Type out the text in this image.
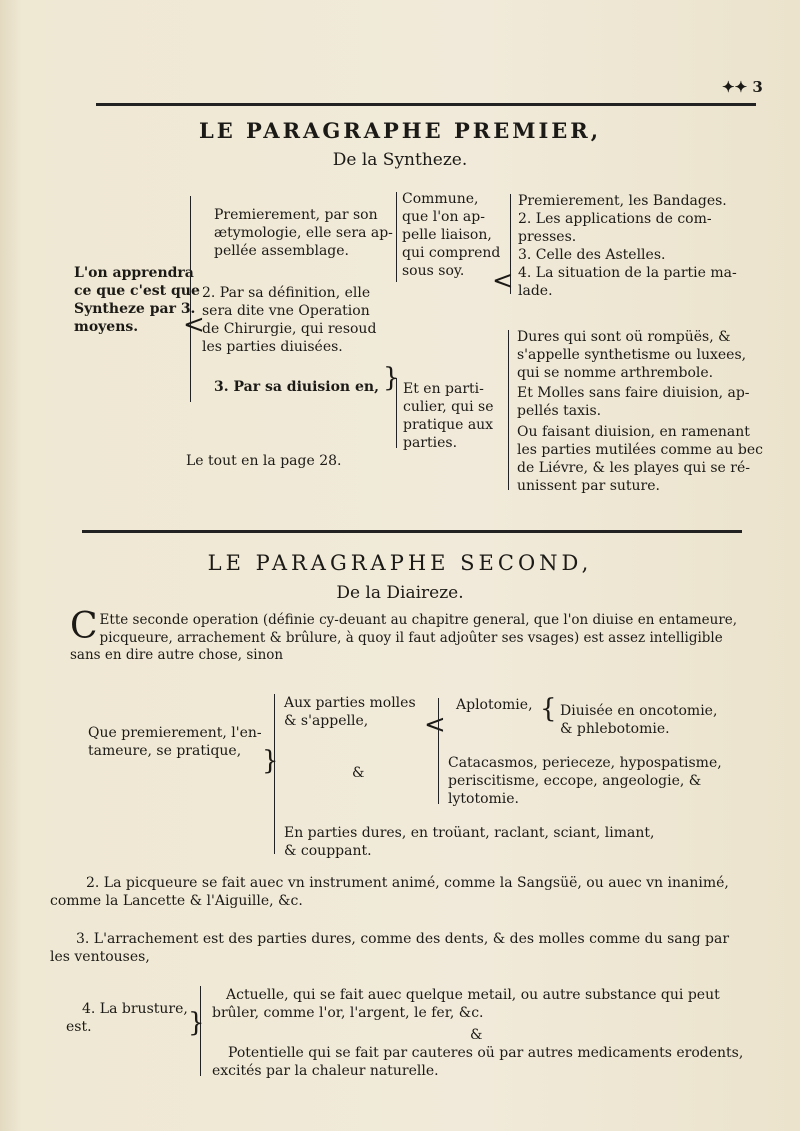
✦✦ 3
LE PARAGRAPHE PREMIER,
De la Syntheze.
L'on apprendra
ce que c'est que
Syntheze par 3.
moyens.	<
Premierement, par son
ætymologie, elle sera ap-
pellée assemblage.
2. Par sa définition, elle
sera dite vne Operation
de Chirurgie, qui resoud
les parties diuisées.
3. Par sa diuision en,
Commune,
que l'on ap-
pelle liaison,
qui comprend
sous soy.
} Et en parti-
culier, qui se
pratique aux
parties.
<
Premierement, les Bandages.
2. Les applications de com-
presses.
3. Celle des Astelles.
4. La situation de la partie ma-
lade.
Dures qui sont oü rompüës, &
s'appelle synthetisme ou luxees,
qui se nomme arthrembole.
Et Molles sans faire diuision, ap-
pellés taxis.
Ou faisant diuision, en ramenant
les parties mutilées comme au bec
de Liévre, & les playes qui se ré-
unissent par suture.
Le tout en la page 28.
LE PARAGRAPHE SECOND,
De la Diaireze.
C Ette seconde operation (définie cy-deuant au chapitre general, que l'on diuise en entameure,
picqueure, arrachement & brûlure, à quoy il faut adjoûter ses vsages) est assez intelligible
sans en dire autre chose, sinon
Que premierement, l'en-
tameure, se pratique, }
Aux parties molles
& s'appelle,	<
Aplotomie, { Diuisée en oncotomie,
& phlebotomie.
&
Catacasmos, perieceze, hypospatisme,
periscitisme, eccope, angeologie, &
lytotomie.
En parties dures, en troüant, raclant, sciant, limant,
& couppant.
2. La picqueure se fait auec vn instrument animé, comme la Sangsüë, ou auec vn inanimé,
comme la Lancette & l'Aiguille, &c.
3. L'arrachement est des parties dures, comme des dents, & des molles comme du sang par
les ventouses,
4. La brusture,
est.	}
Actuelle, qui se fait auec quelque metail, ou autre substance qui peut
brûler, comme l'or, l'argent, le fer, &c.
&
Potentielle qui se fait par cauteres oü par autres medicaments erodents,
excités par la chaleur naturelle.
